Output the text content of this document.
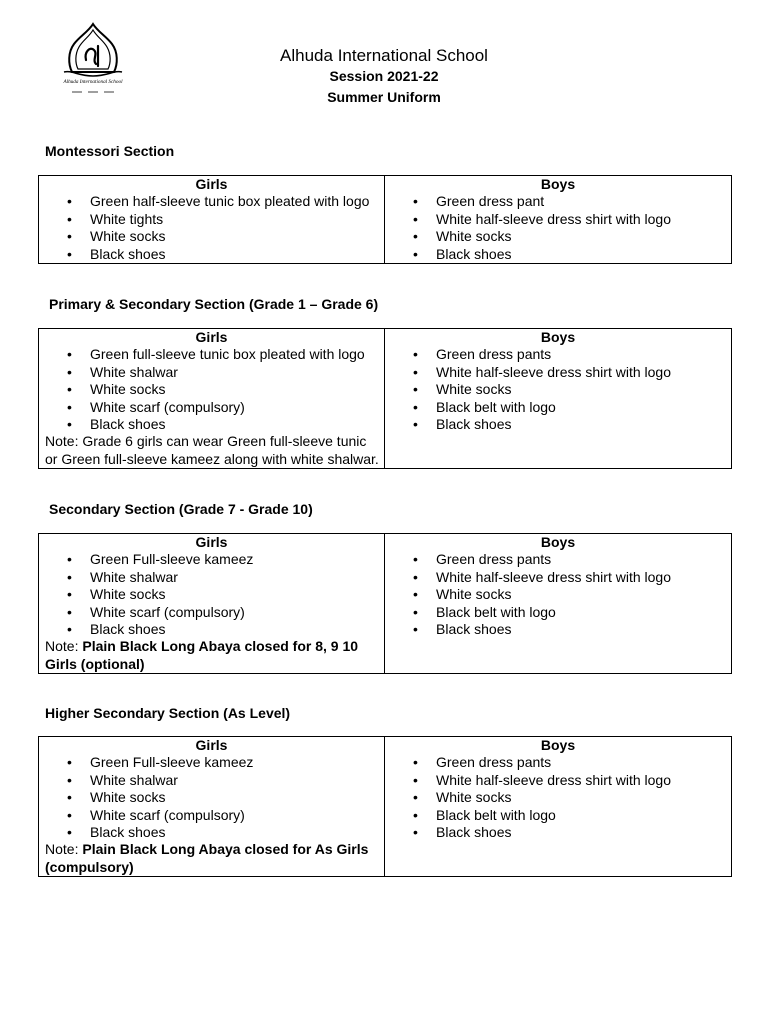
Alhuda International School
Alhuda International School
Session 2021-22
Summer Uniform
Montessori Section
Girls
• Green half-sleeve tunic box pleated with logo
• White tights
• White socks
• Black shoes

Boys
• Green dress pant
• White half-sleeve dress shirt with logo
• White socks
• Black shoes
Primary & Secondary Section (Grade 1 – Grade 6)
Girls
• Green full-sleeve tunic box pleated with logo
• White shalwar
• White socks
• White scarf (compulsory)
• Black shoes
Note: Grade 6 girls can wear Green full-sleeve tunic or Green full-sleeve kameez along with white shalwar.

Boys
• Green dress pants
• White half-sleeve dress shirt with logo
• White socks
• Black belt with logo
• Black shoes
Secondary Section (Grade 7 - Grade 10)
Girls
• Green Full-sleeve kameez
• White shalwar
• White socks
• White scarf (compulsory)
• Black shoes
Note: Plain Black Long Abaya closed for 8, 9 10 Girls (optional)

Boys
• Green dress pants
• White half-sleeve dress shirt with logo
• White socks
• Black belt with logo
• Black shoes
Higher Secondary Section (As Level)
Girls
• Green Full-sleeve kameez
• White shalwar
• White socks
• White scarf (compulsory)
• Black shoes
Note: Plain Black Long Abaya closed for As Girls (compulsory)

Boys
• Green dress pants
• White half-sleeve dress shirt with logo
• White socks
• Black belt with logo
• Black shoes
